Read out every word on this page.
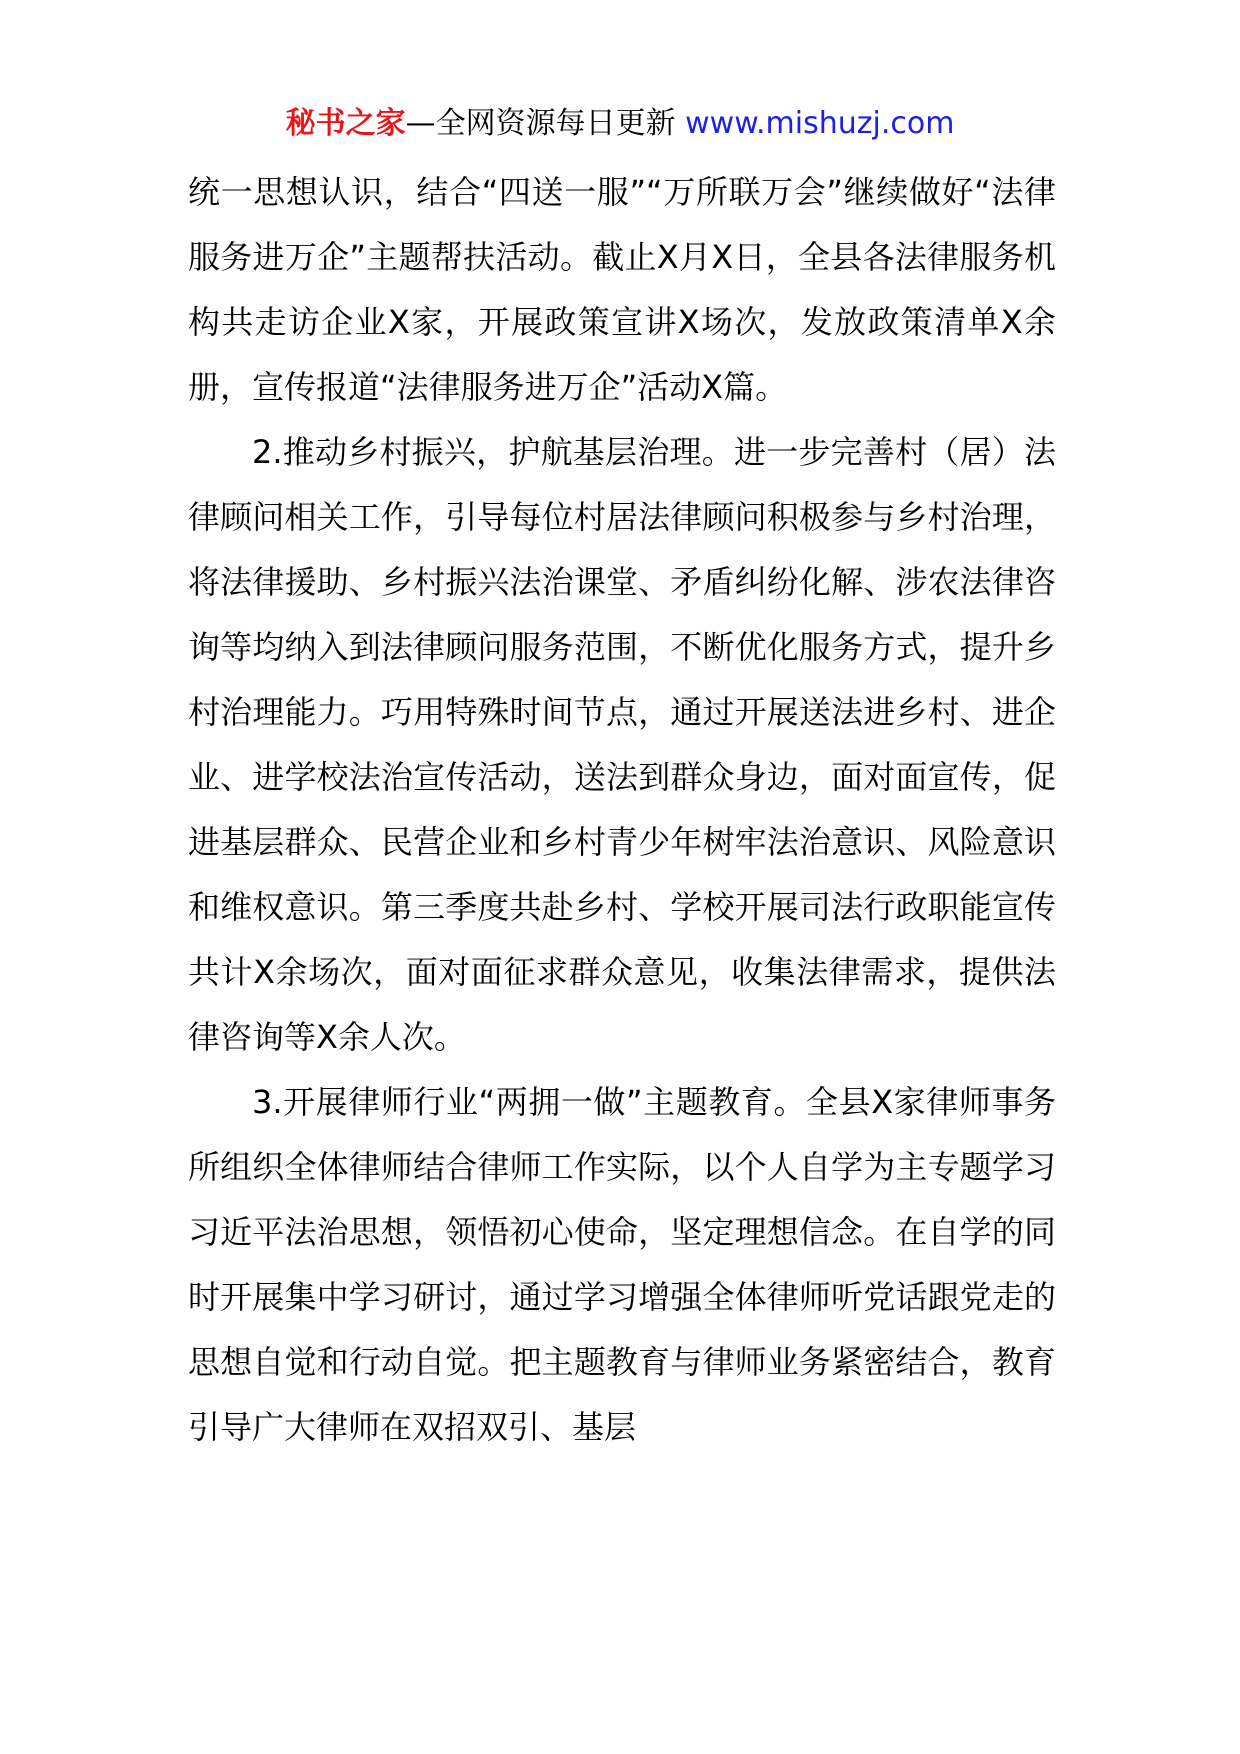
秘书之家—全网资源每日更新 www.mishuzj.com

统一思想认识，结合“四送一服”“万所联万会”继续做好“法律服务进万企”主题帮扶活动。截止X月X日，全县各法律服务机构共走访企业X家，开展政策宣讲X场次，发放政策清单X余册，宣传报道“法律服务进万企”活动X篇。

2.推动乡村振兴，护航基层治理。进一步完善村（居）法律顾问相关工作，引导每位村居法律顾问积极参与乡村治理，将法律援助、乡村振兴法治课堂、矛盾纠纷化解、涉农法律咨询等均纳入到法律顾问服务范围，不断优化服务方式，提升乡村治理能力。巧用特殊时间节点，通过开展送法进乡村、进企业、进学校法治宣传活动，送法到群众身边，面对面宣传，促进基层群众、民营企业和乡村青少年树牢法治意识、风险意识和维权意识。第三季度共赴乡村、学校开展司法行政职能宣传共计X余场次，面对面征求群众意见，收集法律需求，提供法律咨询等X余人次。

3.开展律师行业“两拥一做”主题教育。全县X家律师事务所组织全体律师结合律师工作实际，以个人自学为主专题学习习近平法治思想，领悟初心使命，坚定理想信念。在自学的同时开展集中学习研讨，通过学习增强全体律师听党话跟党走的思想自觉和行动自觉。把主题教育与律师业务紧密结合，教育引导广大律师在双招双引、基层
